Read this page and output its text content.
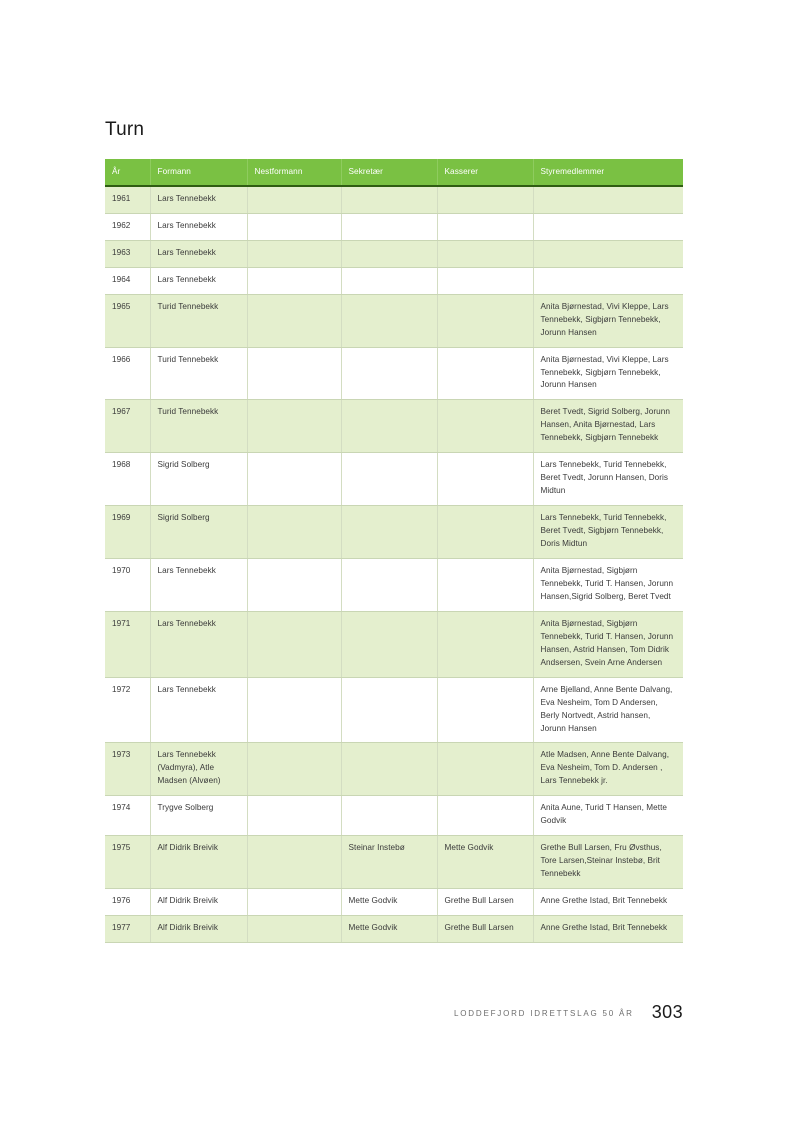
Turn
År	Formann	Nestformann	Sekretær	Kasserer	Styremedlemmer
1961	Lars Tennebekk				
1962	Lars Tennebekk				
1963	Lars Tennebekk				
1964	Lars Tennebekk				
1965	Turid Tennebekk				Anita Bjørnestad, Vivi Kleppe, Lars Tennebekk, Sigbjørn Tennebekk, Jorunn Hansen
1966	Turid Tennebekk				Anita Bjørnestad, Vivi Kleppe, Lars Tennebekk, Sigbjørn Tennebekk, Jorunn Hansen
1967	Turid Tennebekk				Beret Tvedt, Sigrid Solberg, Jorunn Hansen, Anita Bjørnestad, Lars Tennebekk, Sigbjørn Tennebekk
1968	Sigrid Solberg				Lars Tennebekk, Turid Tennebekk, Beret Tvedt, Jorunn Hansen, Doris Midtun
1969	Sigrid Solberg				Lars Tennebekk, Turid Tennebekk, Beret Tvedt, Sigbjørn Tennebekk, Doris Midtun
1970	Lars Tennebekk				Anita Bjørnestad, Sigbjørn Tennebekk, Turid T. Hansen, Jorunn Hansen,Sigrid Solberg, Beret Tvedt
1971	Lars Tennebekk				Anita Bjørnestad, Sigbjørn Tennebekk, Turid T. Hansen, Jorunn Hansen, Astrid Hansen, Tom Didrik Andsersen, Svein Arne Andersen
1972	Lars Tennebekk				Arne Bjelland, Anne Bente Dalvang, Eva Nesheim, Tom D Andersen, Berly Nortvedt, Astrid hansen, Jorunn Hansen
1973	Lars Tennebekk (Vadmyra), Atle Madsen (Alvøen)				Atle Madsen, Anne Bente Dalvang, Eva Nesheim, Tom D. Andersen , Lars Tennebekk jr.
1974	Trygve Solberg				Anita Aune, Turid T Hansen, Mette Godvik
1975	Alf Didrik Breivik		Steinar Instebø	Mette Godvik	Grethe Bull Larsen, Fru Øvsthus, Tore Larsen,Steinar Instebø, Brit Tennebekk
1976	Alf Didrik Breivik		Mette Godvik	Grethe Bull Larsen	Anne Grethe Istad, Brit Tennebekk
1977	Alf Didrik Breivik		Mette Godvik	Grethe Bull Larsen	Anne Grethe Istad, Brit Tennebekk
LODDEFJORD IDRETTSLAG 50 ÅR 303
